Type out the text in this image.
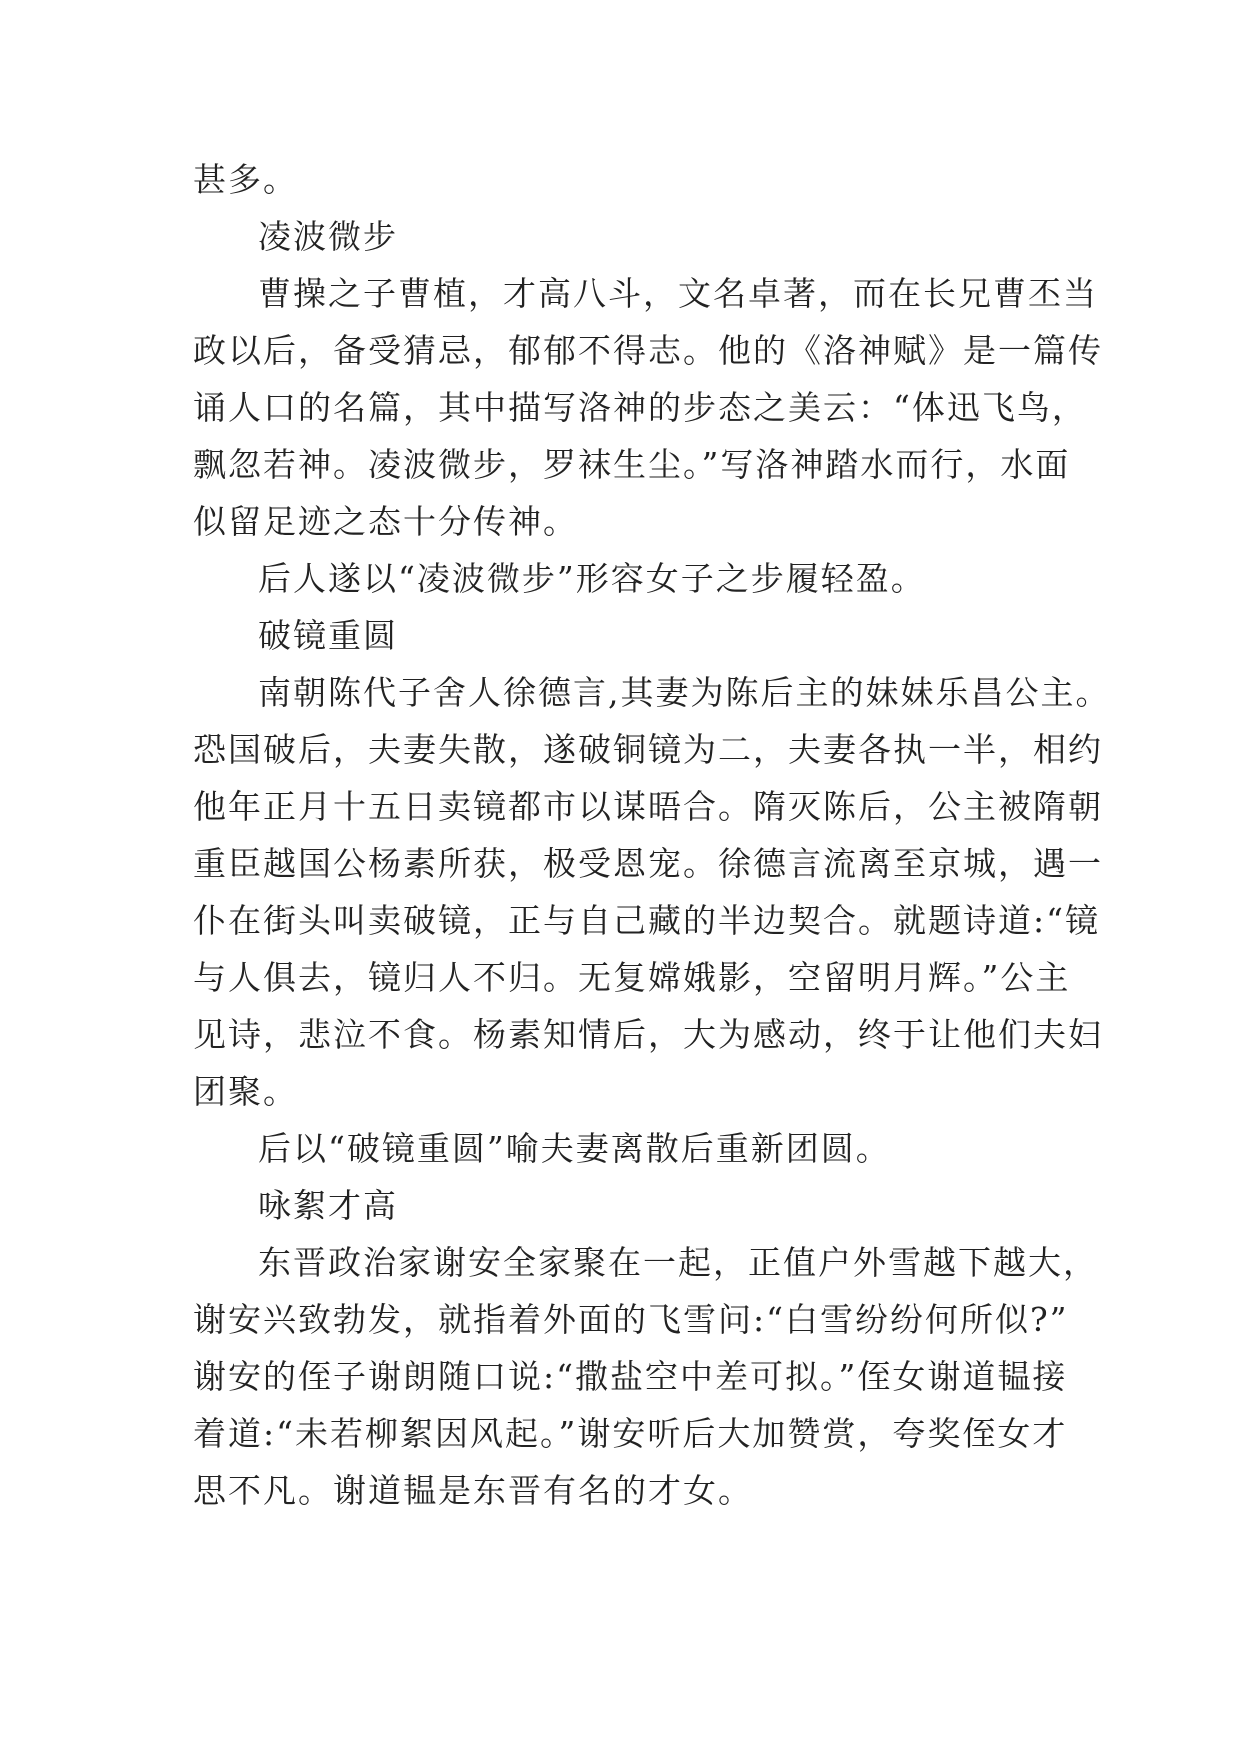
甚多。
凌波微步
曹操之子曹植，才高八斗，文名卓著，而在长兄曹丕当
政以后，备受猜忌，郁郁不得志。他的《洛神赋》是一篇传
诵人口的名篇，其中描写洛神的步态之美云：“体迅飞鸟，
飘忽若神。凌波微步，罗袜生尘。”写洛神踏水而行，水面
似留足迹之态十分传神。
后人遂以“凌波微步”形容女子之步履轻盈。
破镜重圆
南朝陈代子舍人徐德言,其妻为陈后主的妹妹乐昌公主。
恐国破后，夫妻失散，遂破铜镜为二，夫妻各执一半，相约
他年正月十五日卖镜都市以谋晤合。隋灭陈后，公主被隋朝
重臣越国公杨素所获，极受恩宠。徐德言流离至京城，遇一
仆在街头叫卖破镜，正与自己藏的半边契合。就题诗道:“镜
与人俱去，镜归人不归。无复嫦娥影，空留明月辉。”公主
见诗，悲泣不食。杨素知情后，大为感动，终于让他们夫妇
团聚。
后以“破镜重圆”喻夫妻离散后重新团圆。
咏絮才高
东晋政治家谢安全家聚在一起，正值户外雪越下越大，
谢安兴致勃发，就指着外面的飞雪问:“白雪纷纷何所似?”
谢安的侄子谢朗随口说:“撒盐空中差可拟。”侄女谢道韫接
着道:“未若柳絮因风起。”谢安听后大加赞赏，夸奖侄女才
思不凡。谢道韫是东晋有名的才女。
